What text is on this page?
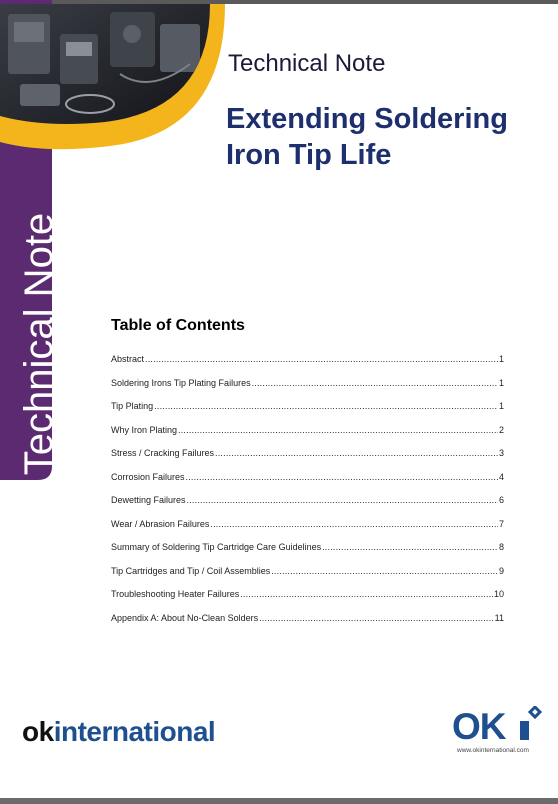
Technical Note
Technical Note
Extending Soldering
Iron Tip Life
Table of Contents
Abstract .....	1
Soldering Irons Tip Plating Failures .....	1
Tip Plating .....	1
Why Iron Plating .....	2
Stress / Cracking Failures .....	3
Corrosion Failures .....	4
Dewetting Failures .....	6
Wear / Abrasion Failures .....	7
Summary of Soldering Tip Cartridge Care Guidelines .....	8
Tip Cartridges and Tip / Coil Assemblies .....	9
Troubleshooting Heater Failures .....	10
Appendix A: About No-Clean Solders .....	11
okinternational	OK
www.okinternational.com
